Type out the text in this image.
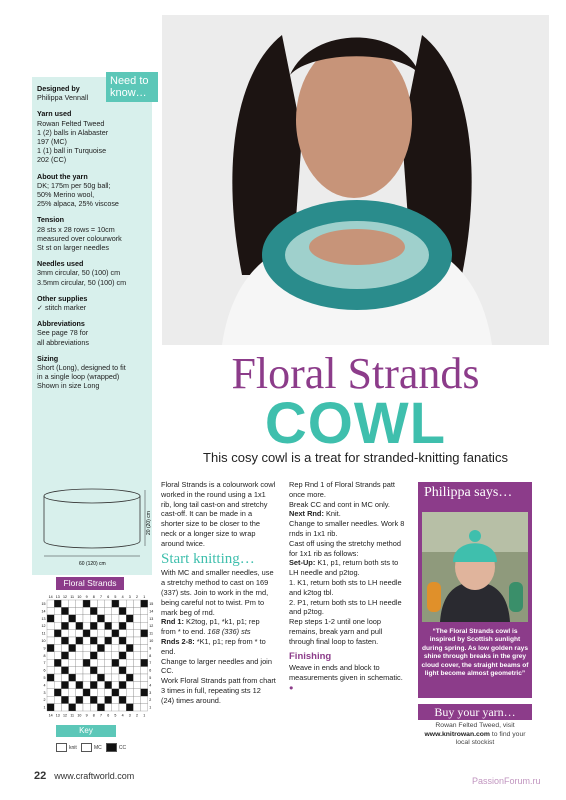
Need to know…
Designed by

Philippa Vennall

Yarn used

Rowan Felted Tweed
1 (2) balls in Alabaster
197 (MC)
1 (1) ball in Turquoise
202 (CC)

About the yarn

DK; 175m per 50g ball;
50% Merino wool,
25% alpaca, 25% viscose

Tension

28 sts x 28 rows = 10cm
measured over colourwork
St st on larger needles

Needles used

3mm circular, 50 (100) cm
3.5mm circular, 50 (100) cm

Other supplies

✓ stitch marker

Abbreviations

See page 78 for
all abbreviations

Sizing

Short (Long), designed to fit
in a single loop (wrapped)
Shown in size Long

20 (20) cm
60 (120) cm
Floral Strands
COWL
This cosy cowl is a treat for stranded-knitting fanatics

Floral Strands is a colourwork cowl worked in the round using a 1x1 rib, long tail cast-on and stretchy cast-off. It can be made in a shorter size to be closer to the neck or a longer size to wrap around twice.

Start knitting…

With MC and smaller needles, use a stretchy method to cast on 169 (337) sts. Join to work in the rnd, being careful not to twist. Pm to mark beg of rnd.

Rnd 1: K2tog, p1, *k1, p1; rep from * to end. 168 (336) sts

Rnds 2-8: *K1, p1; rep from * to end.

Change to larger needles and join CC.

Work Floral Strands patt from chart 3 times in full, repeating sts 12 (24) times around.

Rep Rnd 1 of Floral Strands patt once more.

Break CC and cont in MC only.

Next Rnd: Knit.

Change to smaller needles. Work 8 rnds in 1x1 rib.

Cast off using the stretchy method for 1x1 rib as follows:

Set-Up: K1, p1, return both sts to LH needle and p2tog.

1. K1, return both sts to LH needle and k2tog tbl.

2. P1, return both sts to LH needle and p2tog.

Rep steps 1-2 until one loop remains, break yarn and pull through final loop to fasten.

Finishing

Weave in ends and block to measurements given in schematic. ●

Philippa says…
“The Floral Strands cowl is inspired by Scottish sunlight during spring. As low golden rays shine through breaks in the grey cloud cover, the straight beams of light become almost geometric”
Buy your yarn…
Rowan Felted Tweed, visit
www.knitrowan.com to find your local stockist
Floral Strands
14
14
13
13
12
12
11
11
10
10
9
9
8
8
7
7
6
6
5
5
4
4
3
3
2
2
1
1
15	15
14	14
13	13
12	12
11	11
10	10
9	9
8	8
7	7
6	6
5	5
4	4
3	3
2	2
1	1
Key
knit	MC	CC
22 www.craftworld.com	PassionForum.ru
